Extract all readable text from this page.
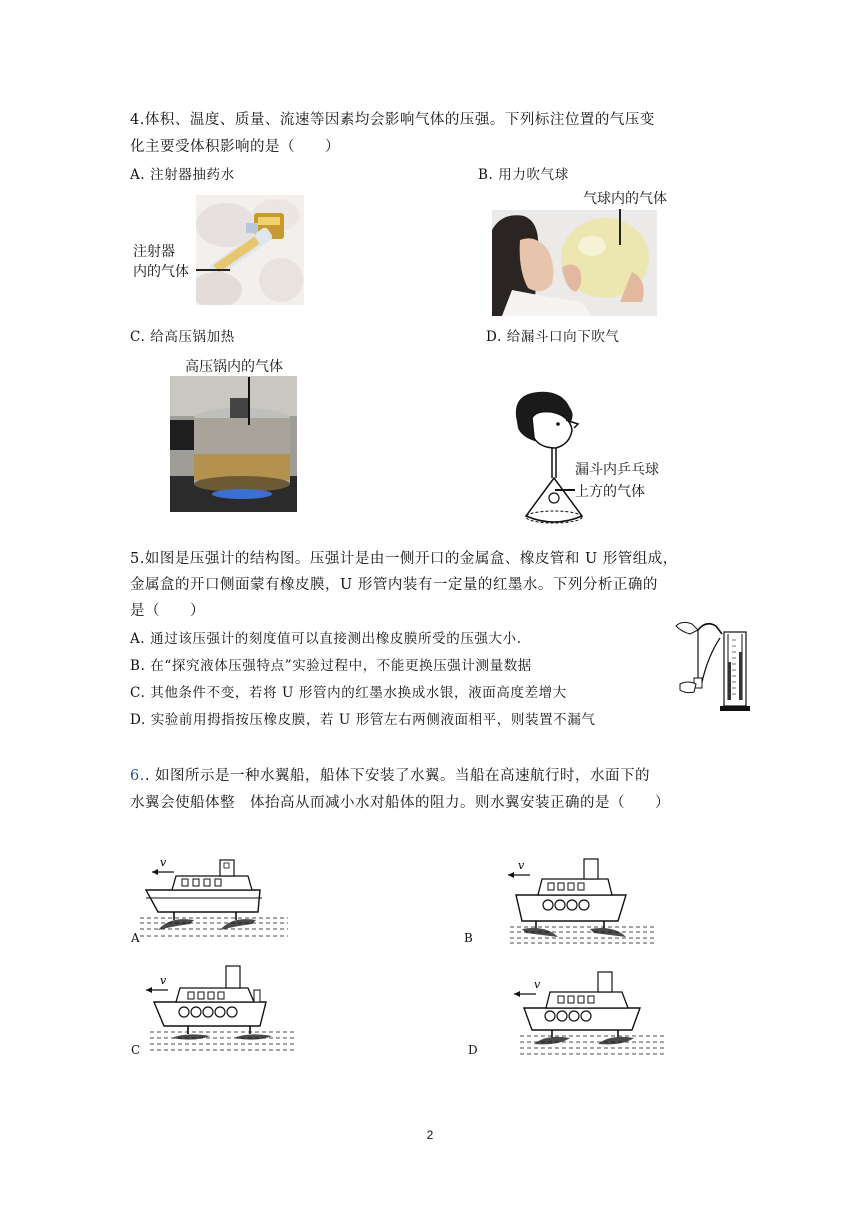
4.体积、温度、质量、流速等因素均会影响气体的压强。下列标注位置的气压变
化主要受体积影响的是（　　）
A. 注射器抽药水	B. 用力吹气球
注射器
内的气体
气球内的气体
C. 给高压锅加热	D. 给漏斗口向下吹气
高压锅内的气体
漏斗内乒乓球
上方的气体
5.如图是压强计的结构图。压强计是由一侧开口的金属盒、橡皮管和 U 形管组成，
金属盒的开口侧面蒙有橡皮膜，U 形管内装有一定量的红墨水。下列分析正确的
是（　　）
A. 通过该压强计的刻度值可以直接测出橡皮膜所受的压强大小.
B. 在“探究液体压强特点”实验过程中，不能更换压强计测量数据
C. 其他条件不变，若将 U 形管内的红墨水换成水银，液面高度差增大
D. 实验前用拇指按压橡皮膜，若 U 形管左右两侧液面相平，则装置不漏气
6.. 如图所示是一种水翼船，船体下安装了水翼。当船在高速航行时，水面下的
水翼会使船体整　体抬高从而减小水对船体的阻力。则水翼安装正确的是（　　）
v
A
v
B
v
C
v
D
2
